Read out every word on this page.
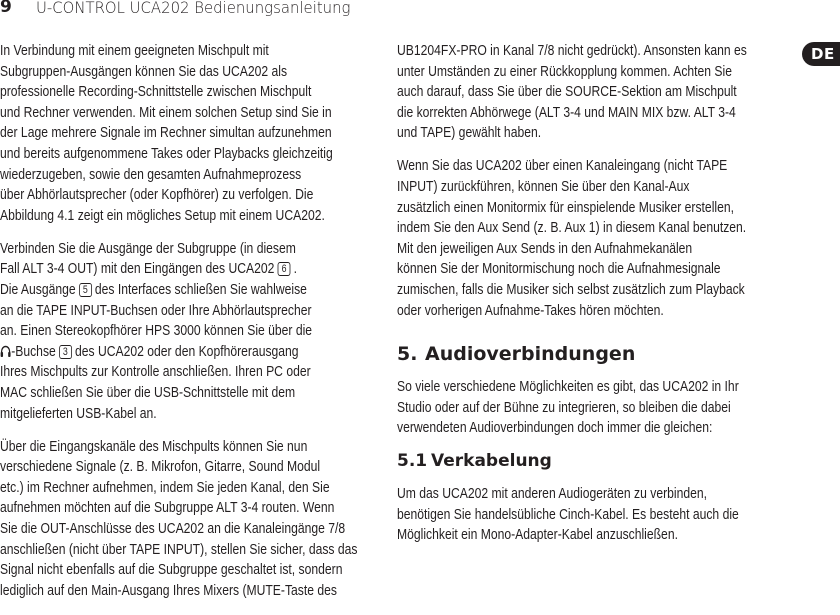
9 U-CONTROL UCA202 Bedienungsanleitung
DE
In Verbindung mit einem geeigneten Mischpult mit
Subgruppen-Ausgängen können Sie das UCA202 als
professionelle Recording-Schnittstelle zwischen Mischpult
und Rechner verwenden. Mit einem solchen Setup sind Sie in
der Lage mehrere Signale im Rechner simultan aufzunehmen
und bereits aufgenommene Takes oder Playbacks gleichzeitig
wiederzugeben, sowie den gesamten Aufnahmeprozess
über Abhörlautsprecher (oder Kopfhörer) zu verfolgen. Die
Abbildung 4.1 zeigt ein mögliches Setup mit einem UCA202.
Verbinden Sie die Ausgänge der Subgruppe (in diesem
Fall ALT 3-4 OUT) mit den Eingängen des UCA202 6 .
Die Ausgänge 5 des Interfaces schließen Sie wahlweise
an die TAPE INPUT-Buchsen oder Ihre Abhörlautsprecher
an. Einen Stereokopfhörer HPS 3000 können Sie über die
-Buchse 3 des UCA202 oder den Kopfhörerausgang
Ihres Mischpults zur Kontrolle anschließen. Ihren PC oder
MAC schließen Sie über die USB-Schnittstelle mit dem
mitgelieferten USB-Kabel an.
Über die Eingangskanäle des Mischpults können Sie nun
verschiedene Signale (z. B. Mikrofon, Gitarre, Sound Modul
etc.) im Rechner aufnehmen, indem Sie jeden Kanal, den Sie
aufnehmen möchten auf die Subgruppe ALT 3-4 routen. Wenn
Sie die OUT-Anschlüsse des UCA202 an die Kanaleingänge 7/8
anschließen (nicht über TAPE INPUT), stellen Sie sicher, dass das
Signal nicht ebenfalls auf die Subgruppe geschaltet ist, sondern
lediglich auf den Main-Ausgang Ihres Mixers (MUTE-Taste des
UB1204FX-PRO in Kanal 7/8 nicht gedrückt). Ansonsten kann es
unter Umständen zu einer Rückkopplung kommen. Achten Sie
auch darauf, dass Sie über die SOURCE-Sektion am Mischpult
die korrekten Abhörwege (ALT 3-4 und MAIN MIX bzw. ALT 3-4
und TAPE) gewählt haben.
Wenn Sie das UCA202 über einen Kanaleingang (nicht TAPE
INPUT) zurückführen, können Sie über den Kanal-Aux
zusätzlich einen Monitormix für einspielende Musiker erstellen,
indem Sie den Aux Send (z. B. Aux 1) in diesem Kanal benutzen.
Mit den jeweiligen Aux Sends in den Aufnahmekanälen
können Sie der Monitormischung noch die Aufnahmesignale
zumischen, falls die Musiker sich selbst zusätzlich zum Playback
oder vorherigen Aufnahme-Takes hören möchten.
5. Audioverbindungen
So viele verschiedene Möglichkeiten es gibt, das UCA202 in Ihr
Studio oder auf der Bühne zu integrieren, so bleiben die dabei
verwendeten Audioverbindungen doch immer die gleichen:
5.1 Verkabelung
Um das UCA202 mit anderen Audiogeräten zu verbinden,
benötigen Sie handelsübliche Cinch-Kabel. Es besteht auch die
Möglichkeit ein Mono-Adapter-Kabel anzuschließen.
